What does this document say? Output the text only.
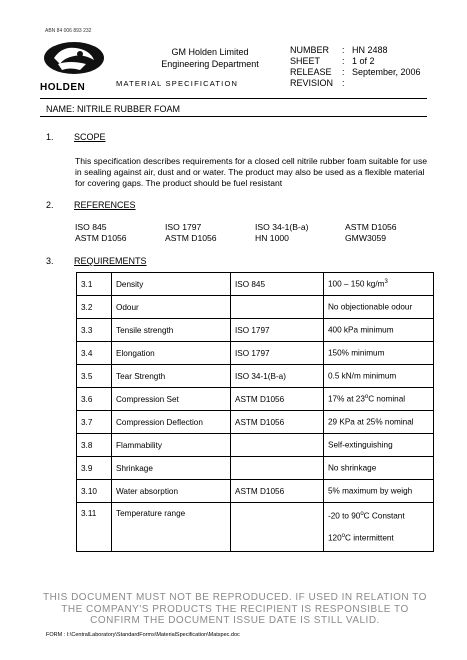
ABN 84 006 893 232
HOLDEN
GM Holden Limited
Engineering Department
MATERIAL SPECIFICATION
NUMBER	: HN 2488
SHEET	: 1 of 2
RELEASE	: September, 2006
REVISION :
NAME: NITRILE RUBBER FOAM
1. SCOPE
This specification describes requirements for a closed cell nitrile rubber foam suitable for use in sealing against air, dust and or water. The product may also be used as a flexible material for covering gaps. The product should be fuel resistant
2. REFERENCES
ISO 845	ISO 1797	ISO 34-1(B-a)	ASTM D1056
ASTM D1056	ASTM D1056	HN 1000	GMW3059
3. REQUIREMENTS
3.1	Density	ISO 845	100 – 150 $kg/m^3$
3.2	Odour		No objectionable odour
3.3	Tensile strength	ISO 1797	400 kPa minimum
3.4	Elongation	ISO 1797	150% minimum
3.5	Tear Strength	ISO 34-1(B-a)	0.5 kN/m minimum
3.6	Compression Set	ASTM D1056	17% at 23$^o$C nominal
3.7	Compression Deflection	ASTM D1056	29 KPa at 25% nominal
3.8	Flammability		Self-extinguishing
3.9	Shrinkage		No shrinkage
3.10	Water absorption	ASTM D1056	5% maximum by weigh
3.11	Temperature range		-20 to 90$^o$C Constant
120$^o$C intermittent
THIS DOCUMENT MUST NOT BE REPRODUCED. IF USED IN RELATION TO
THE COMPANY'S PRODUCTS THE RECIPIENT IS RESPONSIBLE TO
CONFIRM THE DOCUMENT ISSUE DATE IS STILL VALID.
FORM : I:\CentralLaboratory\StandardForms\MaterialSpecification\Matspec.doc
